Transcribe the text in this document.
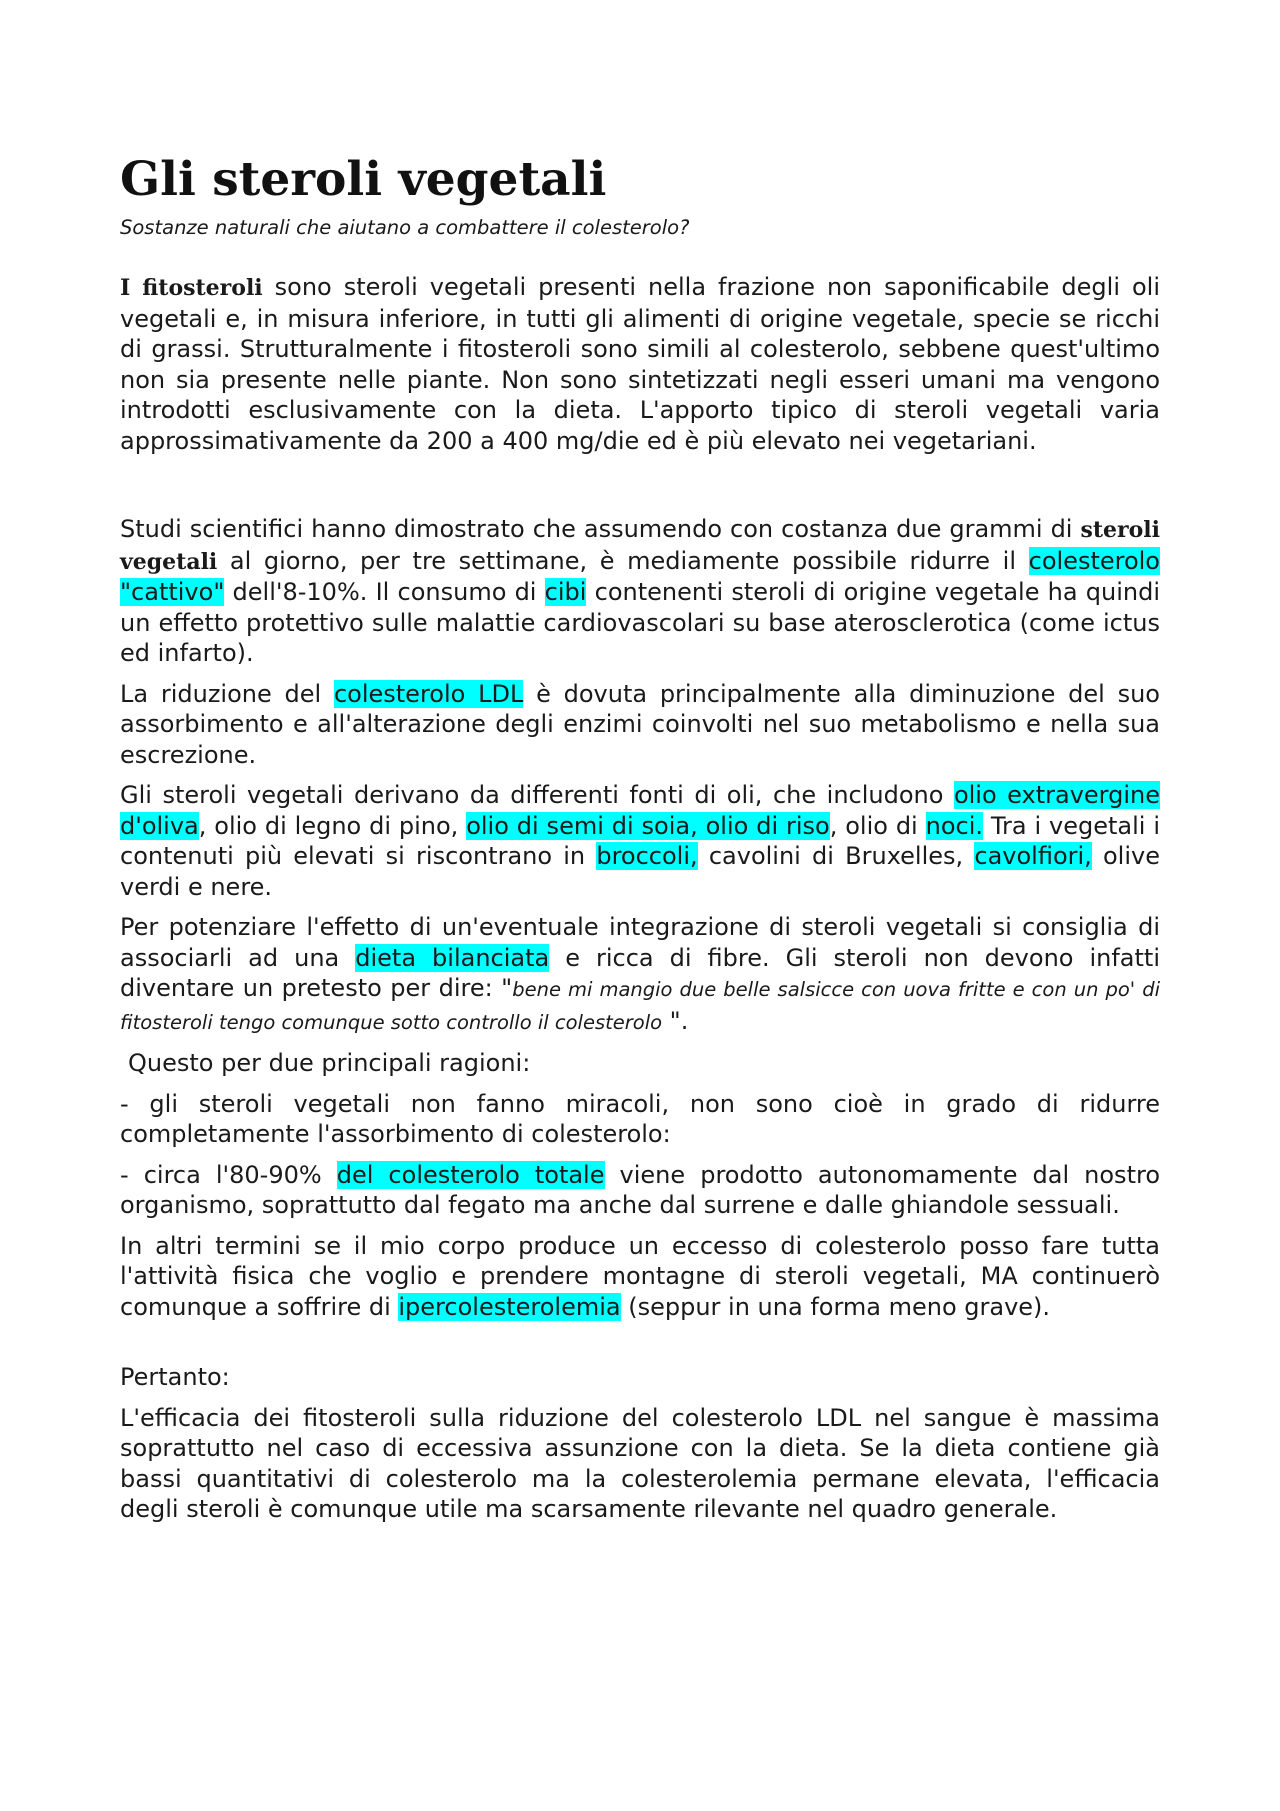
Gli steroli vegetali
Sostanze naturali che aiutano a combattere il colesterolo?

I fitosteroli sono steroli vegetali presenti nella frazione non saponificabile degli oli vegetali e, in misura inferiore, in tutti gli alimenti di origine vegetale, specie se ricchi di grassi. Strutturalmente i fitosteroli sono simili al colesterolo, sebbene quest'ultimo non sia presente nelle piante. Non sono sintetizzati negli esseri umani ma vengono introdotti esclusivamente con la dieta. L'apporto tipico di steroli vegetali varia approssimativamente da 200 a 400 mg/die ed è più elevato nei vegetariani.

Studi scientifici hanno dimostrato che assumendo con costanza due grammi di steroli vegetali al giorno, per tre settimane, è mediamente possibile ridurre il colesterolo "cattivo" dell'8-10%. Il consumo di cibi contenenti steroli di origine vegetale ha quindi un effetto protettivo sulle malattie cardiovascolari su base aterosclerotica (come ictus ed infarto).

La riduzione del colesterolo LDL è dovuta principalmente alla diminuzione del suo assorbimento e all'alterazione degli enzimi coinvolti nel suo metabolismo e nella sua escrezione.

Gli steroli vegetali derivano da differenti fonti di oli, che includono olio extravergine d'oliva, olio di legno di pino, olio di semi di soia, olio di riso, olio di noci. Tra i vegetali i contenuti più elevati si riscontrano in broccoli, cavolini di Bruxelles, cavolfiori, olive verdi e nere.

Per potenziare l'effetto di un'eventuale integrazione di steroli vegetali si consiglia di associarli ad una dieta bilanciata e ricca di fibre. Gli steroli non devono infatti diventare un pretesto per dire: "bene mi mangio due belle salsicce con uova fritte e con un po' di fitosteroli tengo comunque sotto controllo il colesterolo ".

Questo per due principali ragioni:

- gli steroli vegetali non fanno miracoli, non sono cioè in grado di ridurre completamente l'assorbimento di colesterolo:

- circa l'80-90% del colesterolo totale viene prodotto autonomamente dal nostro organismo, soprattutto dal fegato ma anche dal surrene e dalle ghiandole sessuali.

In altri termini se il mio corpo produce un eccesso di colesterolo posso fare tutta l'attività fisica che voglio e prendere montagne di steroli vegetali, MA continuerò comunque a soffrire di ipercolesterolemia (seppur in una forma meno grave).

Pertanto:

L'efficacia dei fitosteroli sulla riduzione del colesterolo LDL nel sangue è massima soprattutto nel caso di eccessiva assunzione con la dieta. Se la dieta contiene già bassi quantitativi di colesterolo ma la colesterolemia permane elevata, l'efficacia degli steroli è comunque utile ma scarsamente rilevante nel quadro generale.
